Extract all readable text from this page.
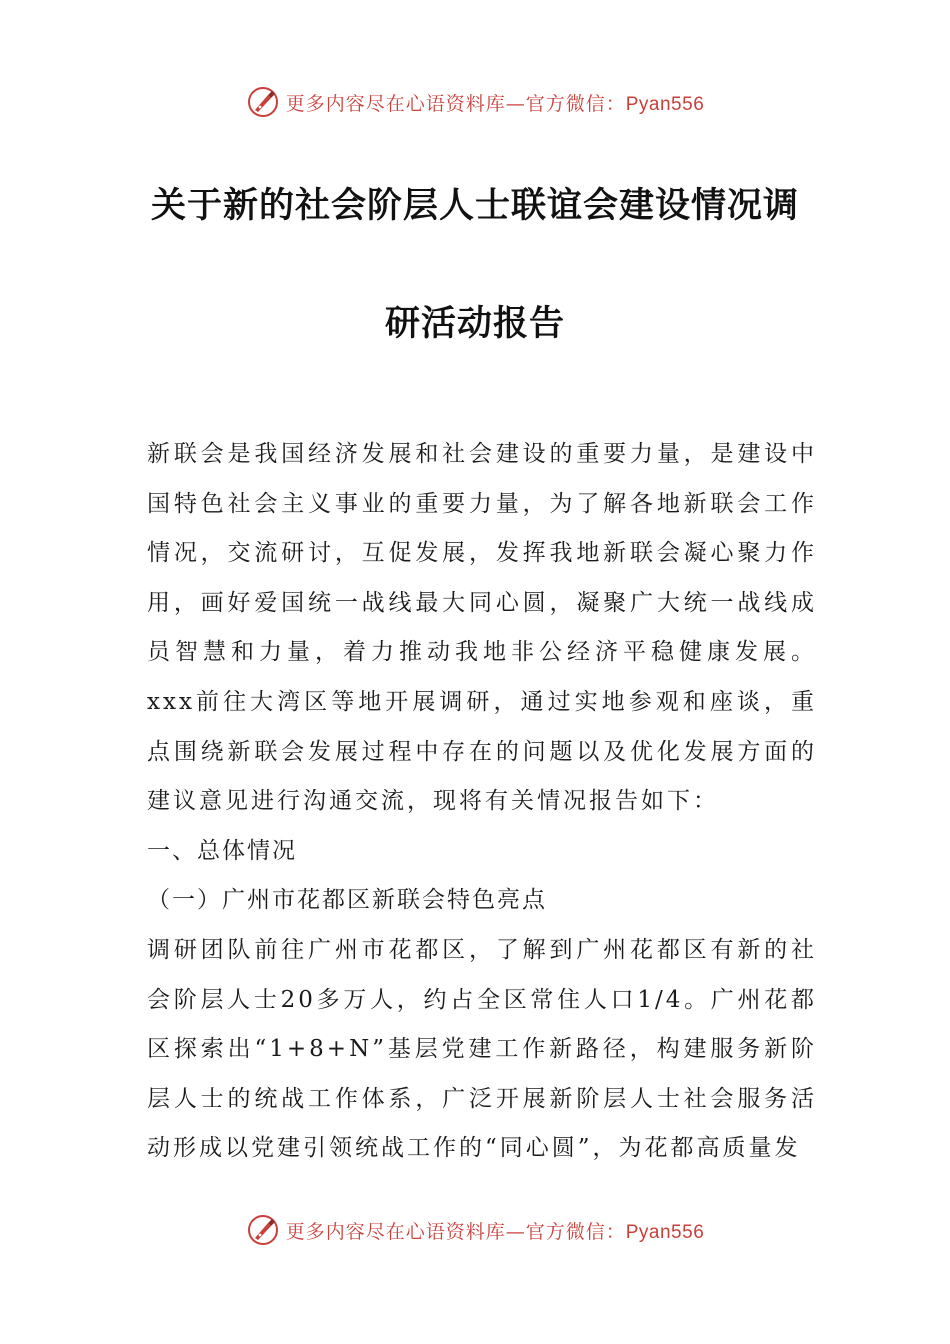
更多内容尽在心语资料库—官方微信：Pyan556
关于新的社会阶层人士联谊会建设情况调
研活动报告

新联会是我国经济发展和社会建设的重要力量，是建设中国特色社会主义事业的重要力量，为了解各地新联会工作情况，交流研讨，互促发展，发挥我地新联会凝心聚力作用，画好爱国统一战线最大同心圆，凝聚广大统一战线成员智慧和力量，着力推动我地非公经济平稳健康发展。xxx前往大湾区等地开展调研，通过实地参观和座谈，重点围绕新联会发展过程中存在的问题以及优化发展方面的建议意见进行沟通交流，现将有关情况报告如下：

一、总体情况

（一）广州市花都区新联会特色亮点

调研团队前往广州市花都区，了解到广州花都区有新的社会阶层人士20多万人，约占全区常住人口1/4。广州花都区探索出“1+8+N”基层党建工作新路径，构建服务新阶层人士的统战工作体系，广泛开展新阶层人士社会服务活动形成以党建引领统战工作的“同心圆”，为花都高质量发

更多内容尽在心语资料库—官方微信：Pyan556
